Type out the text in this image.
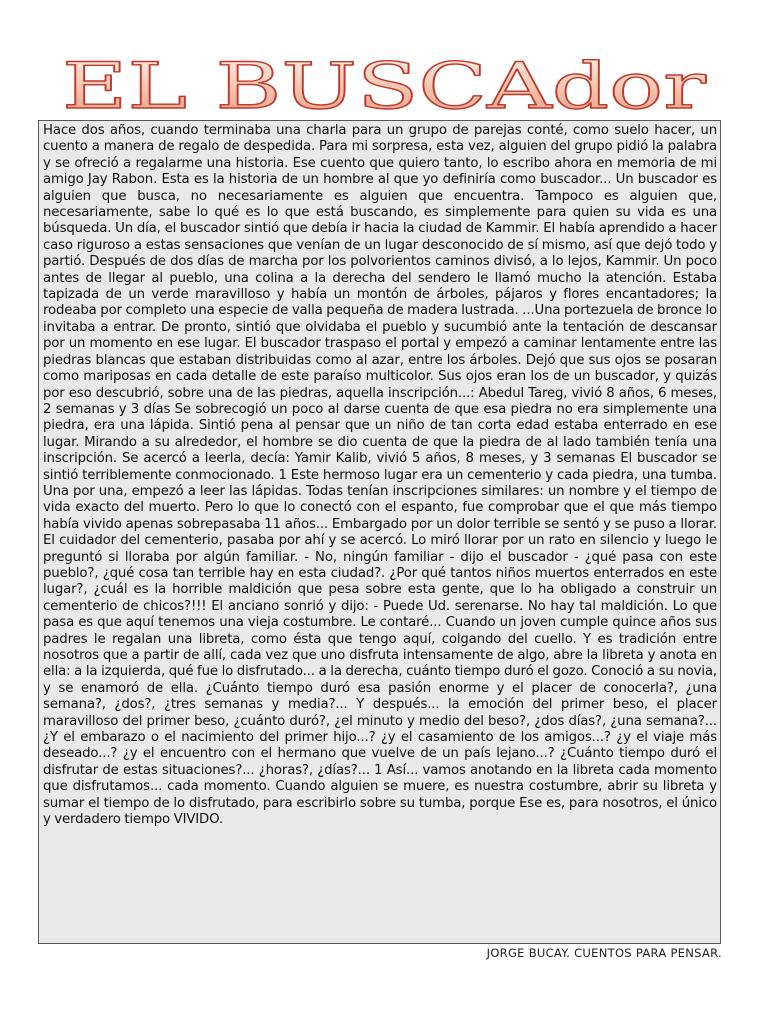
EL BUSCAdor

Hace dos años, cuando terminaba una charla para un grupo de parejas conté, como suelo hacer, un cuento a manera de regalo de despedida. Para mi sorpresa, esta vez, alguien del grupo pidió la palabra y se ofreció a regalarme una historia. Ese cuento que quiero tanto, lo escribo ahora en memoria de mi amigo Jay Rabon. Esta es la historia de un hombre al que yo definiría como buscador... Un buscador es alguien que busca, no necesariamente es alguien que encuentra. Tampoco es alguien que, necesariamente, sabe lo qué es lo que está buscando, es simplemente para quien su vida es una búsqueda. Un día, el buscador sintió que debía ir hacia la ciudad de Kammir. El había aprendido a hacer caso riguroso a estas sensaciones que venían de un lugar desconocido de sí mismo, así que dejó todo y partió. Después de dos días de marcha por los polvorientos caminos divisó, a lo lejos, Kammir. Un poco antes de llegar al pueblo, una colina a la derecha del sendero le llamó mucho la atención. Estaba tapizada de un verde maravilloso y había un montón de árboles, pájaros y flores encantadores; la rodeaba por completo una especie de valla pequeña de madera lustrada. ...Una portezuela de bronce lo invitaba a entrar. De pronto, sintió que olvidaba el pueblo y sucumbió ante la tentación de descansar por un momento en ese lugar. El buscador traspaso el portal y empezó a caminar lentamente entre las piedras blancas que estaban distribuidas como al azar, entre los árboles. Dejó que sus ojos se posaran como mariposas en cada detalle de este paraíso multicolor. Sus ojos eran los de un buscador, y quizás por eso descubrió, sobre una de las piedras, aquella inscripción...: Abedul Tareg, vivió 8 años, 6 meses, 2 semanas y 3 días Se sobrecogió un poco al darse cuenta de que esa piedra no era simplemente una piedra, era una lápida. Sintió pena al pensar que un niño de tan corta edad estaba enterrado en ese lugar. Mirando a su alrededor, el hombre se dio cuenta de que la piedra de al lado también tenía una inscripción. Se acercó a leerla, decía: Yamir Kalib, vivió 5 años, 8 meses, y 3 semanas El buscador se sintió terriblemente conmocionado. 1 Este hermoso lugar era un cementerio y cada piedra, una tumba. Una por una, empezó a leer las lápidas. Todas tenían inscripciones similares: un nombre y el tiempo de vida exacto del muerto. Pero lo que lo conectó con el espanto, fue comprobar que el que más tiempo había vivido apenas sobrepasaba 11 años... Embargado por un dolor terrible se sentó y se puso a llorar. El cuidador del cementerio, pasaba por ahí y se acercó. Lo miró llorar por un rato en silencio y luego le preguntó si lloraba por algún familiar. - No, ningún familiar - dijo el buscador - ¿qué pasa con este pueblo?, ¿qué cosa tan terrible hay en esta ciudad?. ¿Por qué tantos niños muertos enterrados en este lugar?, ¿cuál es la horrible maldición que pesa sobre esta gente, que lo ha obligado a construir un cementerio de chicos?!!! El anciano sonrió y dijo: - Puede Ud. serenarse. No hay tal maldición. Lo que pasa es que aquí tenemos una vieja costumbre. Le contaré... Cuando un joven cumple quince años sus padres le regalan una libreta, como ésta que tengo aquí, colgando del cuello. Y es tradición entre nosotros que a partir de allí, cada vez que uno disfruta intensamente de algo, abre la libreta y anota en ella: a la izquierda, qué fue lo disfrutado... a la derecha, cuánto tiempo duró el gozo. Conoció a su novia, y se enamoró de ella. ¿Cuánto tiempo duró esa pasión enorme y el placer de conocerla?, ¿una semana?, ¿dos?, ¿tres semanas y media?... Y después... la emoción del primer beso, el placer maravilloso del primer beso, ¿cuánto duró?, ¿el minuto y medio del beso?, ¿dos días?, ¿una semana?... ¿Y el embarazo o el nacimiento del primer hijo...? ¿y el casamiento de los amigos...? ¿y el viaje más deseado...? ¿y el encuentro con el hermano que vuelve de un país lejano...? ¿Cuánto tiempo duró el disfrutar de estas situaciones?... ¿horas?, ¿días?... 1 Así... vamos anotando en la libreta cada momento que disfrutamos... cada momento. Cuando alguien se muere, es nuestra costumbre, abrir su libreta y sumar el tiempo de lo disfrutado, para escribirlo sobre su tumba, porque Ese es, para nosotros, el único y verdadero tiempo VIVIDO.

JORGE BUCAY. CUENTOS PARA PENSAR.
